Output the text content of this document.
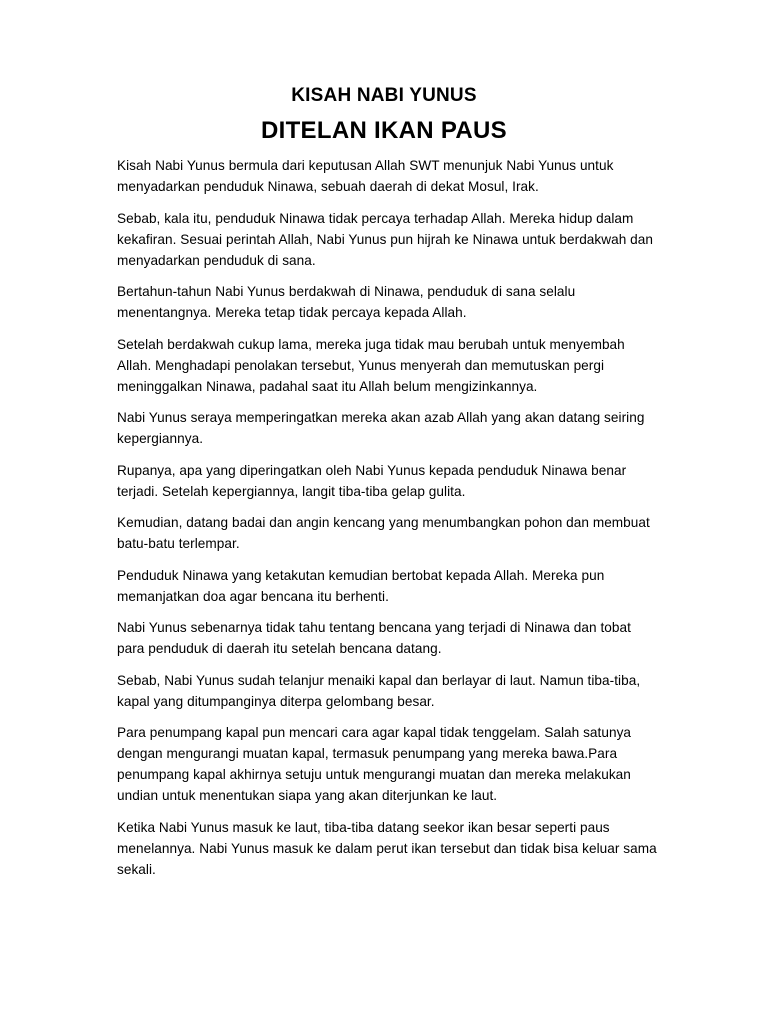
KISAH NABI YUNUS
DITELAN IKAN PAUS

Kisah Nabi Yunus bermula dari keputusan Allah SWT menunjuk Nabi Yunus untuk menyadarkan penduduk Ninawa, sebuah daerah di dekat Mosul, Irak.

Sebab, kala itu, penduduk Ninawa tidak percaya terhadap Allah. Mereka hidup dalam kekafiran. Sesuai perintah Allah, Nabi Yunus pun hijrah ke Ninawa untuk berdakwah dan menyadarkan penduduk di sana.

Bertahun-tahun Nabi Yunus berdakwah di Ninawa, penduduk di sana selalu menentangnya. Mereka tetap tidak percaya kepada Allah.

Setelah berdakwah cukup lama, mereka juga tidak mau berubah untuk menyembah Allah. Menghadapi penolakan tersebut, Yunus menyerah dan memutuskan pergi meninggalkan Ninawa, padahal saat itu Allah belum mengizinkannya.

Nabi Yunus seraya memperingatkan mereka akan azab Allah yang akan datang seiring kepergiannya.

Rupanya, apa yang diperingatkan oleh Nabi Yunus kepada penduduk Ninawa benar terjadi. Setelah kepergiannya, langit tiba-tiba gelap gulita.

Kemudian, datang badai dan angin kencang yang menumbangkan pohon dan membuat batu-batu terlempar.

Penduduk Ninawa yang ketakutan kemudian bertobat kepada Allah. Mereka pun memanjatkan doa agar bencana itu berhenti.

Nabi Yunus sebenarnya tidak tahu tentang bencana yang terjadi di Ninawa dan tobat para penduduk di daerah itu setelah bencana datang.

Sebab, Nabi Yunus sudah telanjur menaiki kapal dan berlayar di laut. Namun tiba-tiba, kapal yang ditumpanginya diterpa gelombang besar.

Para penumpang kapal pun mencari cara agar kapal tidak tenggelam. Salah satunya dengan mengurangi muatan kapal, termasuk penumpang yang mereka bawa.Para penumpang kapal akhirnya setuju untuk mengurangi muatan dan mereka melakukan undian untuk menentukan siapa yang akan diterjunkan ke laut.

Ketika Nabi Yunus masuk ke laut, tiba-tiba datang seekor ikan besar seperti paus menelannya. Nabi Yunus masuk ke dalam perut ikan tersebut dan tidak bisa keluar sama sekali.
